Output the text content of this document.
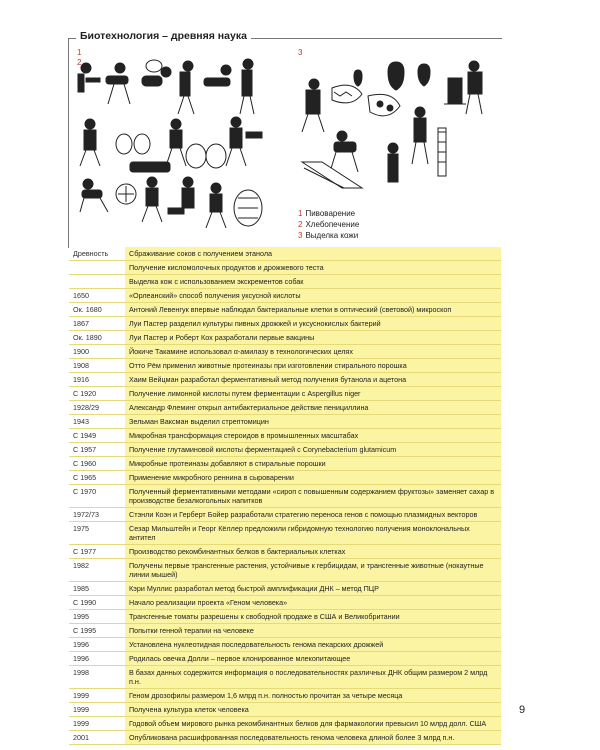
Биотехнология – древняя наука
1
2
3
1 Пивоварение
2 Хлебопечение
3 Выделка кожи
Древность	Сбраживание соков с получением этанола
Получение кисломолочных продуктов и дрожжевого теста
Выделка кож с использованием экскрементов собак
1650	«Орлеанский» способ получения уксусной кислоты
Ок. 1680	Антоний Левенгук впервые наблюдал бактериальные клетки в оптический (световой) микроскоп
1867	Луи Пастер разделил культуры пивных дрожжей и уксуснокислых бактерий
Ок. 1890	Луи Пастер и Роберт Кох разработали первые вакцины
1900	Йокиче Такамине использовал α-амилазу в технологических целях
1908	Отто Рём применил животные протеиназы при изготовлении стирального порошка
1916	Хаим Вейцман разработал ферментативный метод получения бутанола и ацетона
С 1920	Получение лимонной кислоты путем ферментации с Aspergillus niger
1928/29	Александр Флеминг открыл антибактериальное действие пенициллина
1943	Зельман Ваксман выделил стрептомицин
С 1949	Микробная трансформация стероидов в промышленных масштабах
С 1957	Получение глутаминовой кислоты ферментацией с Corynebacterium glutamicum
С 1960	Микробные протеиназы добавляют в стиральные порошки
С 1965	Применение микробного реннина в сыроварении
С 1970	Полученный ферментативными методами «сироп с повышенным содержанием фруктозы» заменяет сахар в производстве безалкогольных напитков
1972/73	Стэнли Коэн и Герберт Бойер разработали стратегию переноса генов с помощью плазмидных векторов
1975	Сезар Мильштейн и Георг Кёллер предложили гибридомную технологию получения моноклональных антител
С 1977	Производство рекомбинантных белков в бактериальных клетках
1982	Получены первые трансгенные растения, устойчивые к гербицидам, и трансгенные животные (нокаутные линии мышей)
1985	Кэри Муллис разработал метод быстрой амплификации ДНК – метод ПЦР
С 1990	Начало реализации проекта «Геном человека»
1995	Трансгенные томаты разрешены к свободной продаже в США и Великобритании
С 1995	Попытки генной терапии на человеке
1996	Установлена нуклеотидная последовательность генома пекарских дрожжей
1996	Родилась овечка Долли – первое клонированное млекопитающее
1998	В базах данных содержится информация о последовательностях различных ДНК общим размером 2 млрд п.н.
1999	Геном дрозофилы размером 1,6 млрд п.н. полностью прочитан за четыре месяца
1999	Получена культура клеток человека
1999	Годовой объем мирового рынка рекомбинантных белков для фармакологии превысил 10 млрд долл. США
2001	Опубликована расшифрованная последовательность генома человека длиной более 3 млрд п.н.
9
